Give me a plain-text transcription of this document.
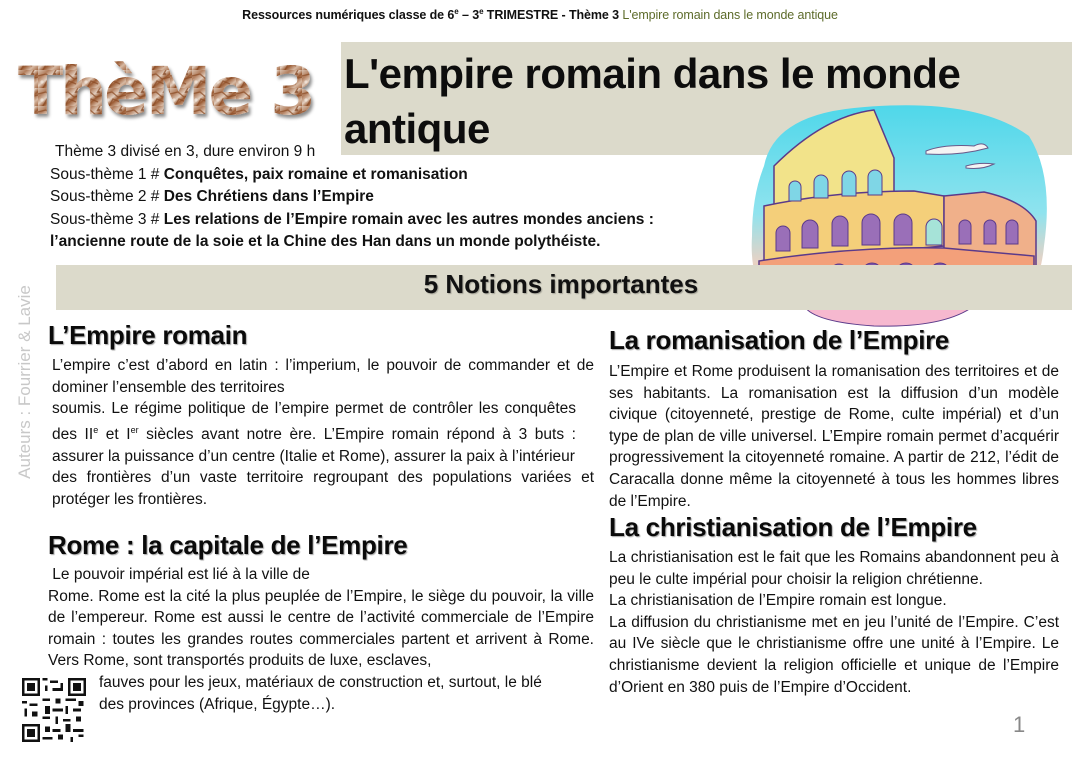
Ressources numériques classe de 6e – 3e TRIMESTRE - Thème 3 L'empire romain dans le monde antique
ThèMe 3 L'empire romain dans le monde antique
Thème 3 divisé en 3, dure environ 9 h
Sous-thème 1 # Conquêtes, paix romaine et romanisation
Sous-thème 2 # Des Chrétiens dans l’Empire
Sous-thème 3 # Les relations de l’Empire romain avec les autres mondes anciens :
l’ancienne route de la soie et la Chine des Han dans un monde polythéiste.
Auteurs : Fourrier & Lavie
5 Notions importantes
L’Empire romain
L’empire c’est d’abord en latin : l’imperium, le pouvoir de commander et de dominer l’ensemble des territoires
soumis. Le régime politique de l’empire permet de contrôler les conquêtes des IIe et Ier siècles avant notre ère. L’Empire romain répond à 3 buts : assurer la puissance d’un centre (Italie et Rome), assurer la paix à l’intérieur
des frontières d’un vaste territoire regroupant des populations variées et protéger les frontières.
Rome : la capitale de l’Empire
Le pouvoir impérial est lié à la ville de
Rome. Rome est la cité la plus peuplée de l’Empire, le siège du pouvoir, la ville de l’empereur. Rome est aussi le centre de l’activité commerciale de l’Empire romain : toutes les grandes routes commerciales partent et arrivent à Rome. Vers Rome, sont transportés produits de luxe, esclaves,
fauves pour les jeux, matériaux de construction et, surtout, le blé
des provinces (Afrique, Égypte…).
La romanisation de l’Empire
L’Empire et Rome produisent la romanisation des territoires et de ses habitants. La romanisation est la diffusion d’un modèle civique (citoyenneté, prestige de Rome, culte impérial) et d’un type de plan de ville universel. L’Empire romain permet d’acquérir progressivement la citoyenneté romaine. A partir de 212, l’édit de Caracalla donne même la citoyenneté à tous les hommes libres de l’Empire.
La christianisation de l’Empire
La christianisation est le fait que les Romains abandonnent peu à peu le culte impérial pour choisir la religion chrétienne.
La christianisation de l’Empire romain est longue.
La diffusion du christianisme met en jeu l’unité de l’Empire. C’est au IVe siècle que le christianisme offre une unité à l’Empire. Le christianisme devient la religion officielle et unique de l’Empire d’Orient en 380 puis de l’Empire d’Occident.
1
